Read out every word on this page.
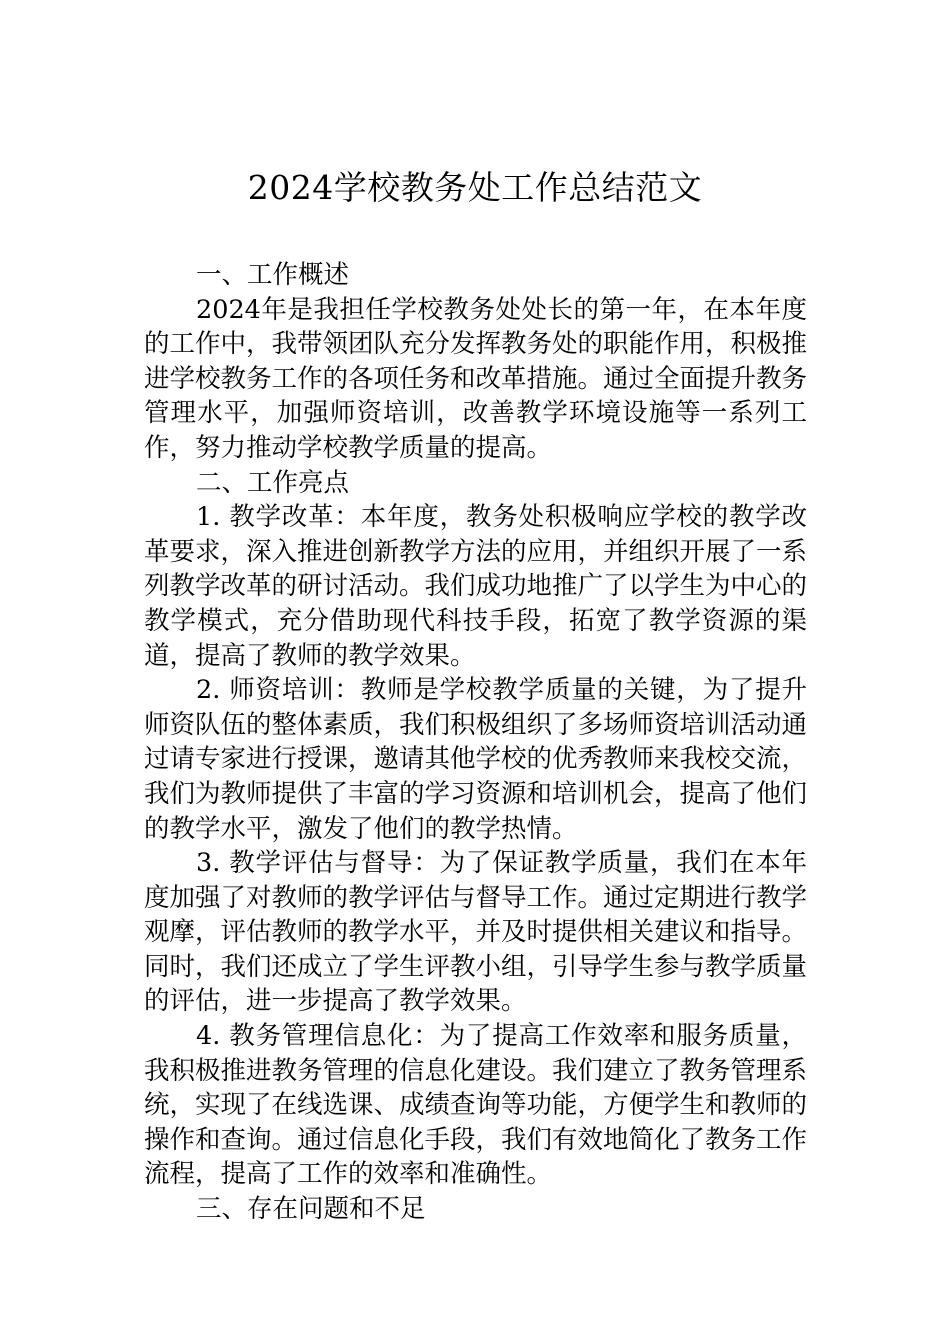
2024学校教务处工作总结范文

一、工作概述

2024年是我担任学校教务处处长的第一年，在本年度的工作中，我带领团队充分发挥教务处的职能作用，积极推进学校教务工作的各项任务和改革措施。通过全面提升教务管理水平，加强师资培训，改善教学环境设施等一系列工作，努力推动学校教学质量的提高。

二、工作亮点

1. 教学改革：本年度，教务处积极响应学校的教学改革要求，深入推进创新教学方法的应用，并组织开展了一系列教学改革的研讨活动。我们成功地推广了以学生为中心的教学模式，充分借助现代科技手段，拓宽了教学资源的渠道，提高了教师的教学效果。

2. 师资培训：教师是学校教学质量的关键，为了提升师资队伍的整体素质，我们积极组织了多场师资培训活动通过请专家进行授课，邀请其他学校的优秀教师来我校交流，我们为教师提供了丰富的学习资源和培训机会，提高了他们的教学水平，激发了他们的教学热情。

3. 教学评估与督导：为了保证教学质量，我们在本年度加强了对教师的教学评估与督导工作。通过定期进行教学观摩，评估教师的教学水平，并及时提供相关建议和指导。同时，我们还成立了学生评教小组，引导学生参与教学质量的评估，进一步提高了教学效果。

4. 教务管理信息化：为了提高工作效率和服务质量，我积极推进教务管理的信息化建设。我们建立了教务管理系统，实现了在线选课、成绩查询等功能，方便学生和教师的操作和查询。通过信息化手段，我们有效地简化了教务工作流程，提高了工作的效率和准确性。

三、存在问题和不足
